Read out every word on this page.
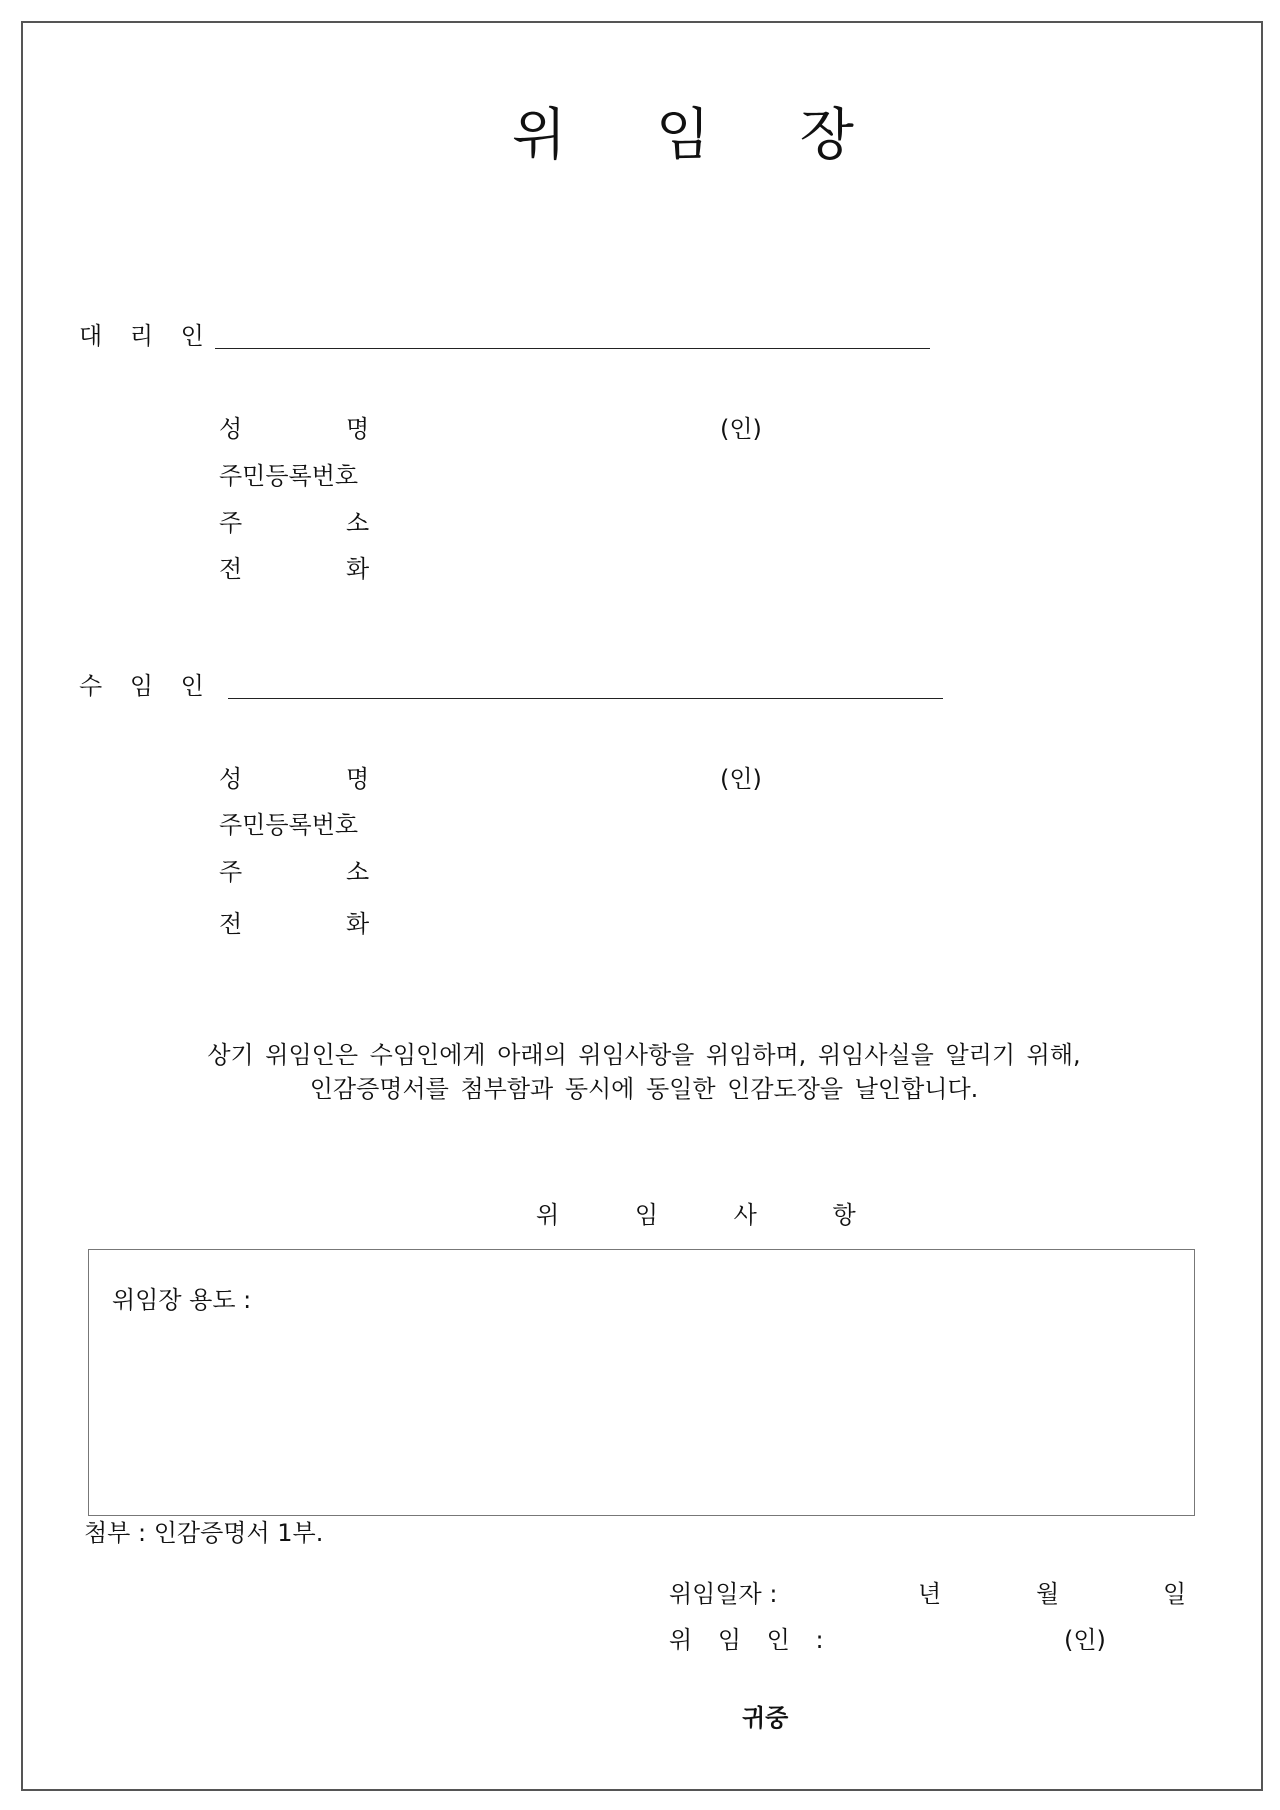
위 임 장
대 리 인
성	명	(인)
주민등록번호
주	소
전	화
수 임 인
성	명	(인)
주민등록번호
주	소
전	화
상기 위임인은 수임인에게 아래의 위임사항을 위임하며, 위임사실을 알리기 위해,
인감증명서를 첨부함과 동시에 동일한 인감도장을 날인합니다.
위 임 사 항
위임장 용도 :
첨부 : 인감증명서 1부.
위임일자 :	년	월	일
위 임 인 :	(인)
귀중
